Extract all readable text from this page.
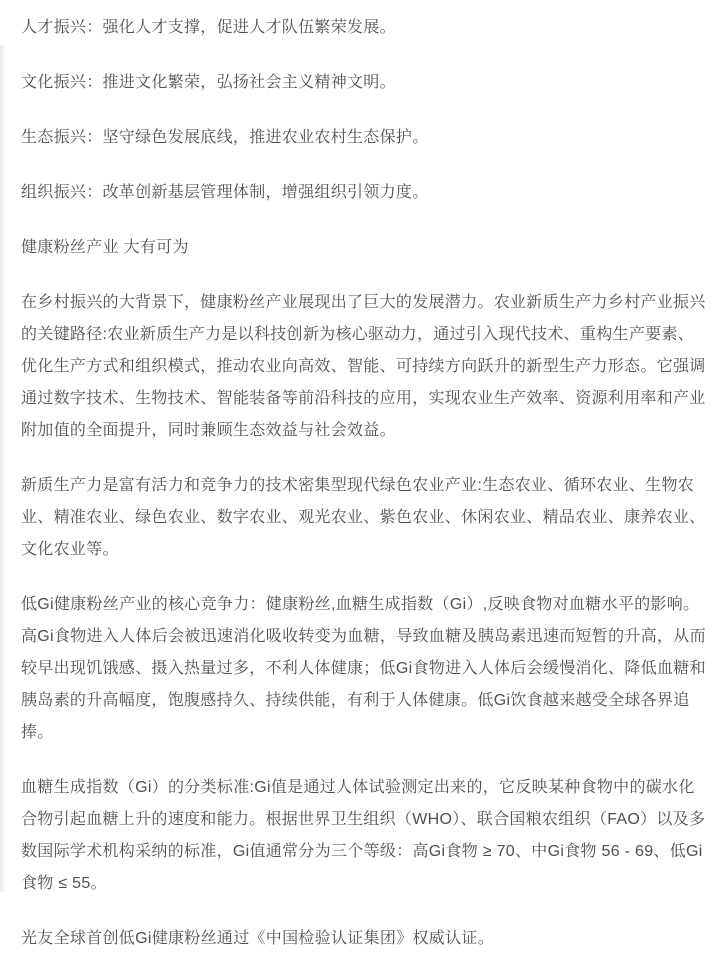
人才振兴：强化人才支撑，促进人才队伍繁荣发展。

文化振兴：推进文化繁荣，弘扬社会主义精神文明。

生态振兴：坚守绿色发展底线，推进农业农村生态保护。

组织振兴：改革创新基层管理体制，增强组织引领力度。

健康粉丝产业 大有可为

在乡村振兴的大背景下，健康粉丝产业展现出了巨大的发展潜力。农业新质生产力乡村产业振兴的关键路径:农业新质生产力是以科技创新为核心驱动力，通过引入现代技术、重构生产要素、优化生产方式和组织模式，推动农业向高效、智能、可持续方向跃升的新型生产力形态。它强调通过数字技术、生物技术、智能装备等前沿科技的应用，实现农业生产效率、资源利用率和产业附加值的全面提升，同时兼顾生态效益与社会效益。

新质生产力是富有活力和竞争力的技术密集型现代绿色农业产业:生态农业、循环农业、生物农业、精准农业、绿色农业、数字农业、观光农业、紫色农业、休闲农业、精品农业、康养农业、文化农业等。

低Gi健康粉丝产业的核心竞争力：健康粉丝,血糖生成指数（Gi）,反映食物对血糖水平的影响。高Gi食物进入人体后会被迅速消化吸收转变为血糖，导致血糖及胰岛素迅速而短暂的升高，从而较早出现饥饿感、摄入热量过多，不利人体健康；低Gi食物进入人体后会缓慢消化、降低血糖和胰岛素的升高幅度，饱腹感持久、持续供能，有利于人体健康。低Gi饮食越来越受全球各界追捧。

血糖生成指数（Gi）的分类标准:Gi值是通过人体试验测定出来的，它反映某种食物中的碳水化合物引起血糖上升的速度和能力。根据世界卫生组织（WHO）、联合国粮农组织（FAO）以及多数国际学术机构采纳的标准，Gi值通常分为三个等级：高Gi食物 ≥ 70、中Gi食物 56 - 69、低Gi食物 ≤ 55。

光友全球首创低Gi健康粉丝通过《中国检验认证集团》权威认证。
